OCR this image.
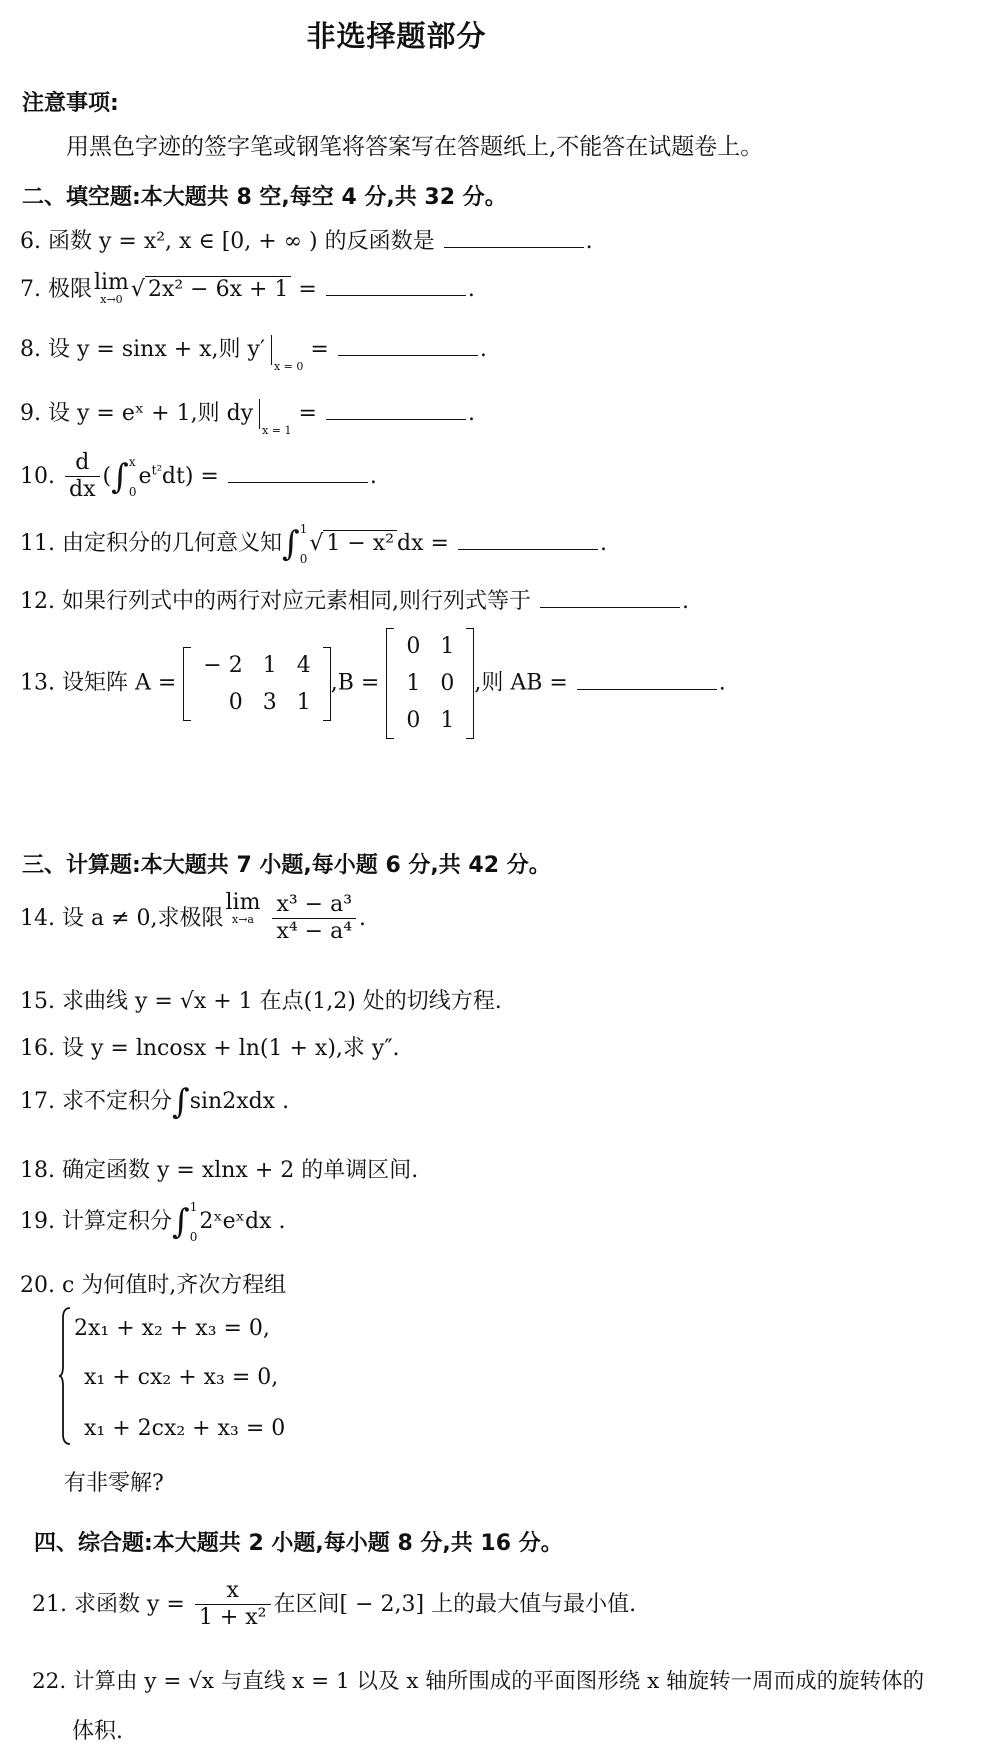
非选择题部分
注意事项:
用黑色字迹的签字笔或钢笔将答案写在答题纸上,不能答在试题卷上。
二、填空题:本大题共 8 空,每空 4 分,共 32 分。
6. 函数 y = x², x ∈ [0, + ∞ ) 的反函数是	.
7. 极限 lim
x→0 √ 2x² − 6x + 1 =	.
8. 设 y = sinx + x,则 $y'_{x = 0}$ =	.
9. 设 y = eˣ + 1,则 $dy_{x = 1}$ =	.
10. $\frac{d}{dx}$ (∫ x
0
$e^{t^2}dt$) =	.
11. 由定积分的几何意义知∫ 1
0
√ 1 − x² dx =	.
12. 如果行列式中的两行对应元素相同,则行列式等于	.
13. 设矩阵 A =
− 2	1	4
0	3	1
,B =
0	1
1	0
0	1
,则 AB =	.
三、计算题:本大题共 7 小题,每小题 6 分,共 42 分。
14. 设 a ≠ 0,求极限
lim
x→a
$\frac{\text{x³ − a³}}{\text{x⁴ − a⁴}}$ .
15. 求曲线 y = √x + 1 在点(1,2) 处的切线方程.
16. 设 y = lncosx + ln(1 + x),求 y″.
17. 求不定积分∫sin2xdx .
18. 确定函数 y = xlnx + 2 的单调区间.
19. 计算定积分∫ 1
0
2ˣeˣdx .
20. c 为何值时,齐次方程组
2x₁ + x₂ + x₃ = 0,
x₁ + cx₂ + x₃ = 0,
x₁ + 2cx₂ + x₃ = 0
有非零解?
四、综合题:本大题共 2 小题,每小题 8 分,共 16 分。
21. 求函数 $y = \frac{x}{\text{1 + x²}}$ 在区间[ − 2,3] 上的最大值与最小值.
22. 计算由 y = √x 与直线 x = 1 以及 x 轴所围成的平面图形绕 x 轴旋转一周而成的旋转体的
体积.
